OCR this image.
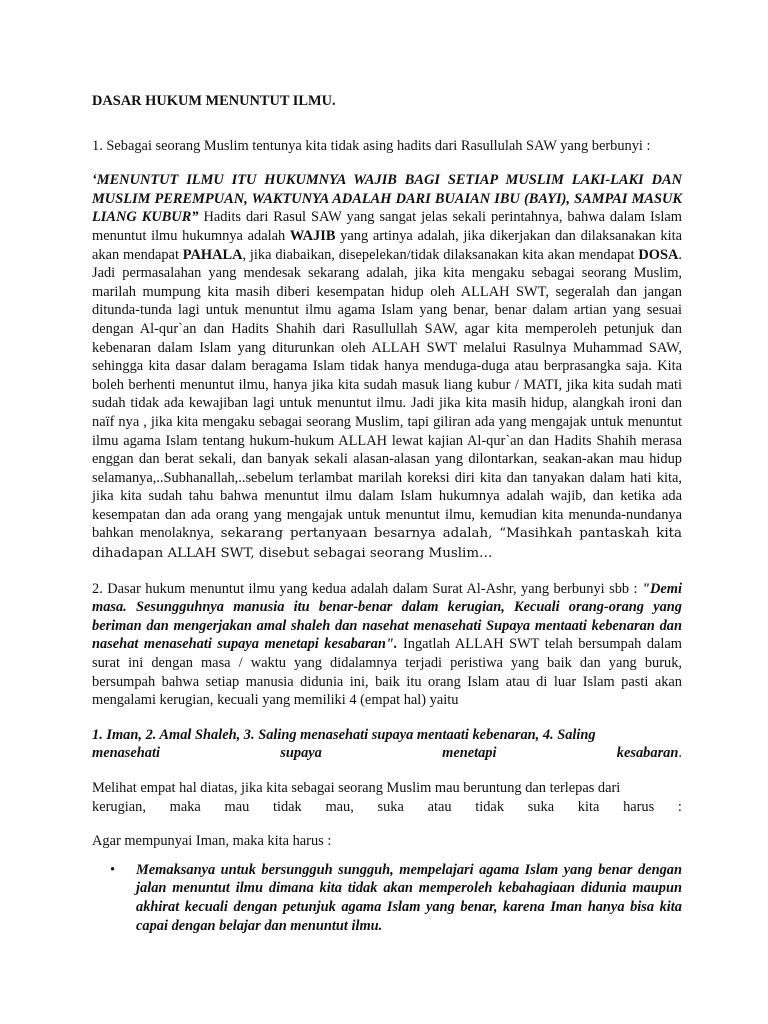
DASAR HUKUM MENUNTUT ILMU.

1. Sebagai seorang Muslim tentunya kita tidak asing hadits dari Rasullulah SAW yang berbunyi :

‘MENUNTUT ILMU ITU HUKUMNYA WAJIB BAGI SETIAP MUSLIM LAKI-LAKI DAN MUSLIM PEREMPUAN, WAKTUNYA ADALAH DARI BUAIAN IBU (BAYI), SAMPAI MASUK LIANG KUBUR” Hadits dari Rasul SAW yang sangat jelas sekali perintahnya, bahwa dalam Islam menuntut ilmu hukumnya adalah WAJIB yang artinya adalah, jika dikerjakan dan dilaksanakan kita akan mendapat PAHALA, jika diabaikan, disepelekan/tidak dilaksanakan kita akan mendapat DOSA. Jadi permasalahan yang mendesak sekarang adalah, jika kita mengaku sebagai seorang Muslim, marilah mumpung kita masih diberi kesempatan hidup oleh ALLAH SWT, segeralah dan jangan ditunda-tunda lagi untuk menuntut ilmu agama Islam yang benar, benar dalam artian yang sesuai dengan Al-qur`an dan Hadits Shahih dari Rasullullah SAW, agar kita memperoleh petunjuk dan kebenaran dalam Islam yang diturunkan oleh ALLAH SWT melalui Rasulnya Muhammad SAW, sehingga kita dasar dalam beragama Islam tidak hanya menduga-duga atau berprasangka saja. Kita boleh berhenti menuntut ilmu, hanya jika kita sudah masuk liang kubur / MATI, jika kita sudah mati sudah tidak ada kewajiban lagi untuk menuntut ilmu. Jadi jika kita masih hidup, alangkah ironi dan naïf nya , jika kita mengaku sebagai seorang Muslim, tapi giliran ada yang mengajak untuk menuntut ilmu agama Islam tentang hukum-hukum ALLAH lewat kajian Al-qur`an dan Hadits Shahih merasa enggan dan berat sekali, dan banyak sekali alasan-alasan yang dilontarkan, seakan-akan mau hidup selamanya,..Subhanallah,..sebelum terlambat marilah koreksi diri kita dan tanyakan dalam hati kita, jika kita sudah tahu bahwa menuntut ilmu dalam Islam hukumnya adalah wajib, dan ketika ada kesempatan dan ada orang yang mengajak untuk menuntut ilmu, kemudian kita menunda-nundanya bahkan menolaknya, sekarang pertanyaan besarnya adalah, “Masihkah pantaskah kita dihadapan ALLAH SWT, disebut sebagai seorang Muslim…

2. Dasar hukum menuntut ilmu yang kedua adalah dalam Surat Al-Ashr, yang berbunyi sbb : "Demi masa. Sesungguhnya manusia itu benar-benar dalam kerugian, Kecuali orang-orang yang beriman dan mengerjakan amal shaleh dan nasehat menasehati Supaya mentaati kebenaran dan nasehat menasehati supaya menetapi kesabaran". Ingatlah ALLAH SWT telah bersumpah dalam surat ini dengan masa / waktu yang didalamnya terjadi peristiwa yang baik dan yang buruk, bersumpah bahwa setiap manusia didunia ini, baik itu orang Islam atau di luar Islam pasti akan mengalami kerugian, kecuali yang memiliki 4 (empat hal) yaitu

1. Iman, 2. Amal Shaleh, 3. Saling menasehati supaya mentaati kebenaran, 4. Saling

menasehati	supaya	menetapi	kesabaran.

Melihat empat hal diatas, jika kita sebagai seorang Muslim mau beruntung dan terlepas dari

kerugian, maka mau tidak mau, suka atau tidak suka kita harus :

Agar mempunyai Iman, maka kita harus :

• Memaksanya untuk bersungguh sungguh, mempelajari agama Islam yang benar dengan jalan menuntut ilmu dimana kita tidak akan memperoleh kebahagiaan didunia maupun akhirat kecuali dengan petunjuk agama Islam yang benar, karena Iman hanya bisa kita capai dengan belajar dan menuntut ilmu.
